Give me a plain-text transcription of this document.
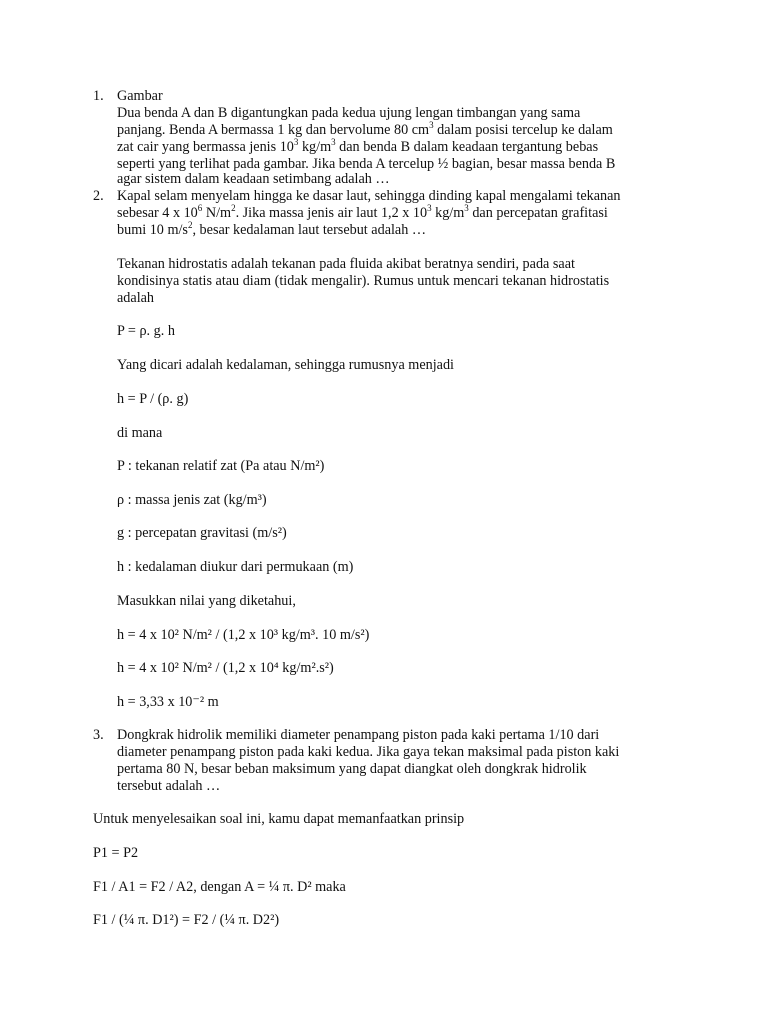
1. Gambar
Dua benda A dan B digantungkan pada kedua ujung lengan timbangan yang sama
panjang. Benda A bermassa 1 kg dan bervolume 80 $cm^3$ dalam posisi tercelup ke dalam
zat cair yang bermassa jenis $10^3$ $kg/m^3$ dan benda B dalam keadaan tergantung bebas
seperti yang terlihat pada gambar. Jika benda A tercelup ½ bagian, besar massa benda B
agar sistem dalam keadaan setimbang adalah …
2. Kapal selam menyelam hingga ke dasar laut, sehingga dinding kapal mengalami tekanan
sebesar 4 x $10^6$ $N/m^2$. Jika massa jenis air laut 1,2 x $10^3$ $kg/m^3$ dan percepatan grafitasi
bumi 10 $m/s^2$, besar kedalaman laut tersebut adalah …
Tekanan hidrostatis adalah tekanan pada fluida akibat beratnya sendiri, pada saat
kondisinya statis atau diam (tidak mengalir). Rumus untuk mencari tekanan hidrostatis
adalah
P = ρ. g. h
Yang dicari adalah kedalaman, sehingga rumusnya menjadi
h = P / (ρ. g)
di mana
P : tekanan relatif zat (Pa atau N/m²)
ρ : massa jenis zat (kg/m³)
g : percepatan gravitasi (m/s²)
h : kedalaman diukur dari permukaan (m)
Masukkan nilai yang diketahui,
h = 4 x 10² N/m² / (1,2 x 10³ kg/m³. 10 m/s²)
h = 4 x 10² N/m² / (1,2 x 10⁴ kg/m².s²)
h = 3,33 x 10⁻² m
3. Dongkrak hidrolik memiliki diameter penampang piston pada kaki pertama 1/10 dari
diameter penampang piston pada kaki kedua. Jika gaya tekan maksimal pada piston kaki
pertama 80 N, besar beban maksimum yang dapat diangkat oleh dongkrak hidrolik
tersebut adalah …
Untuk menyelesaikan soal ini, kamu dapat memanfaatkan prinsip
P1 = P2
F1 / A1 = F2 / A2, dengan A = ¼ π. D² maka
F1 / (¼ π. D1²) = F2 / (¼ π. D2²)
